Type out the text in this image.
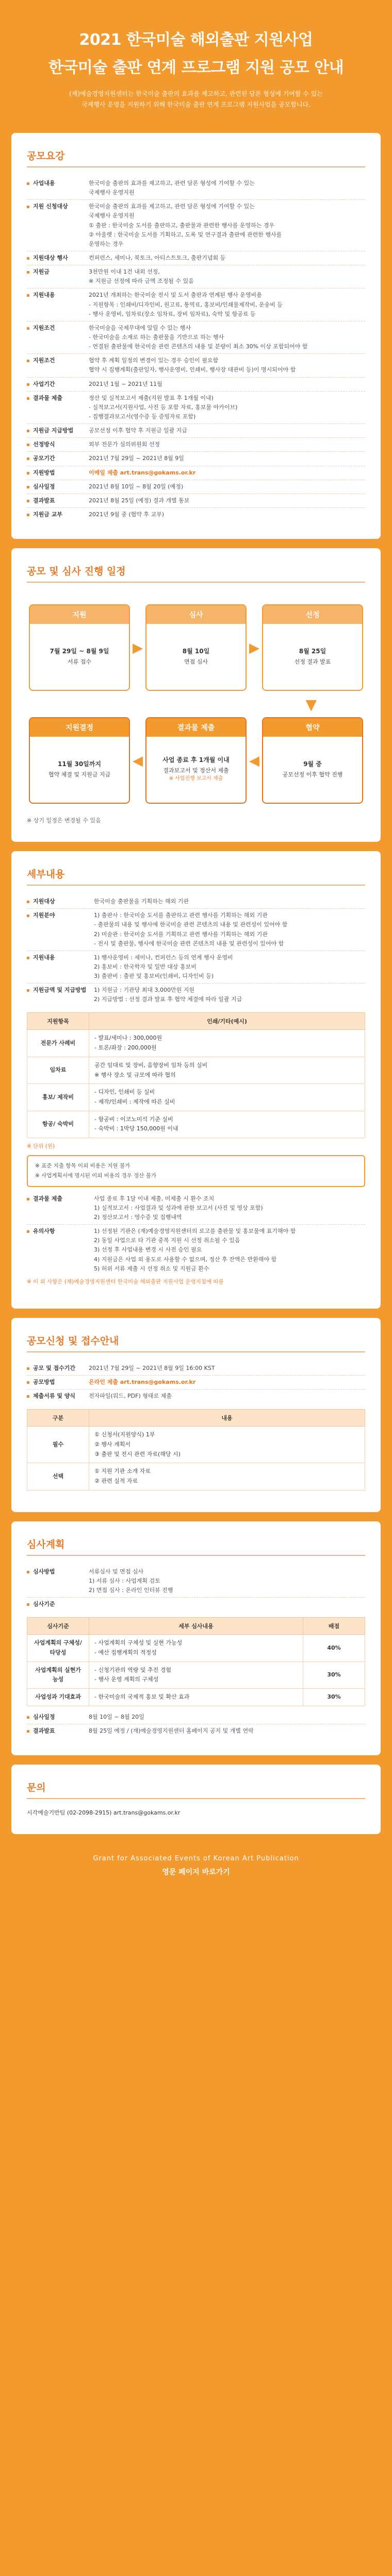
2021 한국미술 해외출판 지원사업
한국미술 출판 연계 프로그램 지원 공모 안내
(재)예술경영지원센터는 한국미술 출판의 효과를 제고하고, 관련된 담론 형성에 기여할 수 있는
국제행사 운영을 지원하기 위해 한국미술 출판 연계 프로그램 지원사업을 공모합니다.
공모요강
사업내용	한국미술 출판의 효과를 제고하고, 관련 담론 형성에 기여할 수 있는
국제행사 운영지원
지원 신청대상	한국미술 출판의 효과를 제고하고, 관련 담론 형성에 기여할 수 있는
국제행사 운영지원
① 출판 : 한국미술 도서를 출판하고, 출판물과 관련한 행사를 운영하는 경우
② 아울렛 : 한국미술 도서를 기획하고, 도록 및 연구결과 출판에 관련한 행사를
운영하는 경우
지원대상 행사	컨퍼런스, 세미나, 북토크, 아티스트토크, 출판기념회 등
지원금	3천만원 이내 1건 내외 선정,
※ 지원금 선정에 따라 금액 조정될 수 있음
지원내용	2021년 개최하는 한국미술 전시 및 도서 출판과 연계된 행사 운영비용
- 지원항목 : 인쇄비/디자인비, 원고료, 통역료, 홍보비/인쇄물제작비, 운송비 등
- 행사 운영비, 임차료(장소 임차료, 장비 임차료), 숙박 및 항공료 등
지원조건	한국미술을 국제무대에 알릴 수 있는 행사
- 한국미술을 소재로 하는 출판물을 기반으로 하는 행사
- 연결된 출판물에 한국미술 관련 콘텐츠의 내용 및 분량이 최소 30% 이상 포함되어야 함
지원조건	협약 후 계획 일정의 변경이 있는 경우 승인이 필요함
협약 시 집행계획(출판일자, 행사운영비, 인쇄비, 행사장 대관비 등)이 명시되어야 함
사업기간	2021년 1월 ~ 2021년 11월
결과물 제출	정산 및 실적보고서 제출(지원 발표 후 1개월 이내)
- 실적보고서(지원사업, 사진 등 포함 자료, 홍보물 아카이브)
- 집행결과보고서(영수증 등 증빙자료 포함)
지원금 지급방법	공모선정 이후 협약 후 지원금 일괄 지급
선정방식	외부 전문가 심의위원회 선정
공모기간	2021년 7월 29일 ~ 2021년 8월 9일
지원방법	이메일 제출 art.trans@gokams.or.kr
심사일정	2021년 8월 10일 ~ 8월 20일 (예정)
결과발표	2021년 8월 25일 (예정) 결과 개별 통보
지원금 교부	2021년 9월 중 (협약 후 교부)
공모 및 심사 진행 일정
지원
7월 29일 ~ 8월 9일
서류 접수
▶
심사
8월 10일
면접 심사
▶
선정
8월 25일
선정 결과 발표
▼
지원결정
11월 30일까지
협약 체결 및 지원금 지급
◀
결과물 제출
사업 종료 후 1개월 이내
결과보고서 및 정산서 제출
※ 사업진행 보고서 제출
◀
협약
9월 중
공모선정 이후 협약 진행
※ 상기 일정은 변경될 수 있음
세부내용
지원대상	한국미술 출판물을 기획하는 해외 기관
지원분야	1) 출판사 : 한국미술 도서를 출판하고 관련 행사를 기획하는 해외 기관
- 출판물의 내용 및 행사에 한국미술 관련 콘텐츠의 내용 및 관련성이 있어야 함
2) 미술관 : 한국미술 도서를 기획하고 관련 행사를 기획하는 해외 기관
- 전시 및 출판물, 행사에 한국미술 관련 콘텐츠의 내용 및 관련성이 있어야 함
지원내용	1) 행사운영비 : 세미나, 컨퍼런스 등의 연계 행사 운영비
2) 홍보비 : 한국학자 및 일반 대상 홍보비
3) 출판비 : 출판 및 홍보비(인쇄비, 디자인비 등)
지원금액 및 지급방법	1) 지원금 : 기관당 최대 3,000만원 지원
2) 지급방법 : 선정 결과 발표 후 협약 체결에 따라 일괄 지급
지원항목	인쇄/기타(예시)
전문가 사례비	- 발표/세미나 : 300,000원
- 토론/좌장 : 200,000원

임차료	공간 임대료 및 장비, 음향장비 임차 등의 실비
※ 행사 장소 및 규모에 따라 협의

홍보/ 제작비	- 디자인, 인쇄비 등 실비
- 제작/인쇄비 : 제작에 따른 실비

항공/ 숙박비	- 항공비 : 이코노미석 기준 실비
- 숙박비 : 1박당 150,000원 이내
※ 단위 (원)
※ 표준 지출 항목 이외 비용은 지원 불가
※ 사업계획서에 명시된 이외 비용의 경우 정산 불가
결과물 제출	사업 종료 후 1달 이내 제출, 미제출 시 환수 조치
1) 실적보고서 : 사업결과 및 성과에 관한 보고서 (사진 및 영상 포함)
2) 정산보고서 : 영수증 및 집행내역
유의사항	1) 선정된 기관은 (재)예술경영지원센터의 로고를 출판물 및 홍보물에 표기해야 함
2) 동일 사업으로 타 기관 중복 지원 시 선정 취소될 수 있음
3) 선정 후 사업내용 변경 시 사전 승인 필요
4) 지원금은 사업 외 용도로 사용할 수 없으며, 정산 후 잔액은 반환해야 함
5) 허위 서류 제출 시 선정 취소 및 지원금 환수
※ 이 외 사항은 (재)예술경영지원센터 한국미술 해외출판 지원사업 운영지침에 따름
공모신청 및 접수안내
공모 및 접수기간	2021년 7월 29일 ~ 2021년 8월 9일 16:00 KST
공모방법	온라인 제출 art.trans@gokams.or.kr
제출서류 및 양식	전자파일(워드, PDF) 형태로 제출
구분	내용
필수	① 신청서(지원양식) 1부
② 행사 계획서
③ 출판 및 전시 관련 자료(해당 시)

선택	① 지원 기관 소개 자료
② 관련 실적 자료
심사계획
심사방법	서류심사 및 면접 심사
1) 서류 심사 : 사업계획 검토
2) 면접 심사 : 온라인 인터뷰 진행
심사기준
심사기준	세부 심사내용	배점
사업계획의 구체성/타당성	- 사업계획의 구체성 및 실현 가능성
- 예산 집행계획의 적정성	40%
사업계획의 실현가능성	- 신청기관의 역량 및 추진 경험
- 행사 운영 계획의 구체성	30%
사업성과 기대효과	- 한국미술의 국제적 홍보 및 확산 효과	30%
심사일정	8월 10일 ~ 8월 20일
결과발표	8월 25일 예정 / (재)예술경영지원센터 홈페이지 공지 및 개별 연락
문의
시각예술기반팀 (02-2098-2915) art.trans@gokams.or.kr
Grant for Associated Events of Korean Art Publication
영문 페이지 바로가기
